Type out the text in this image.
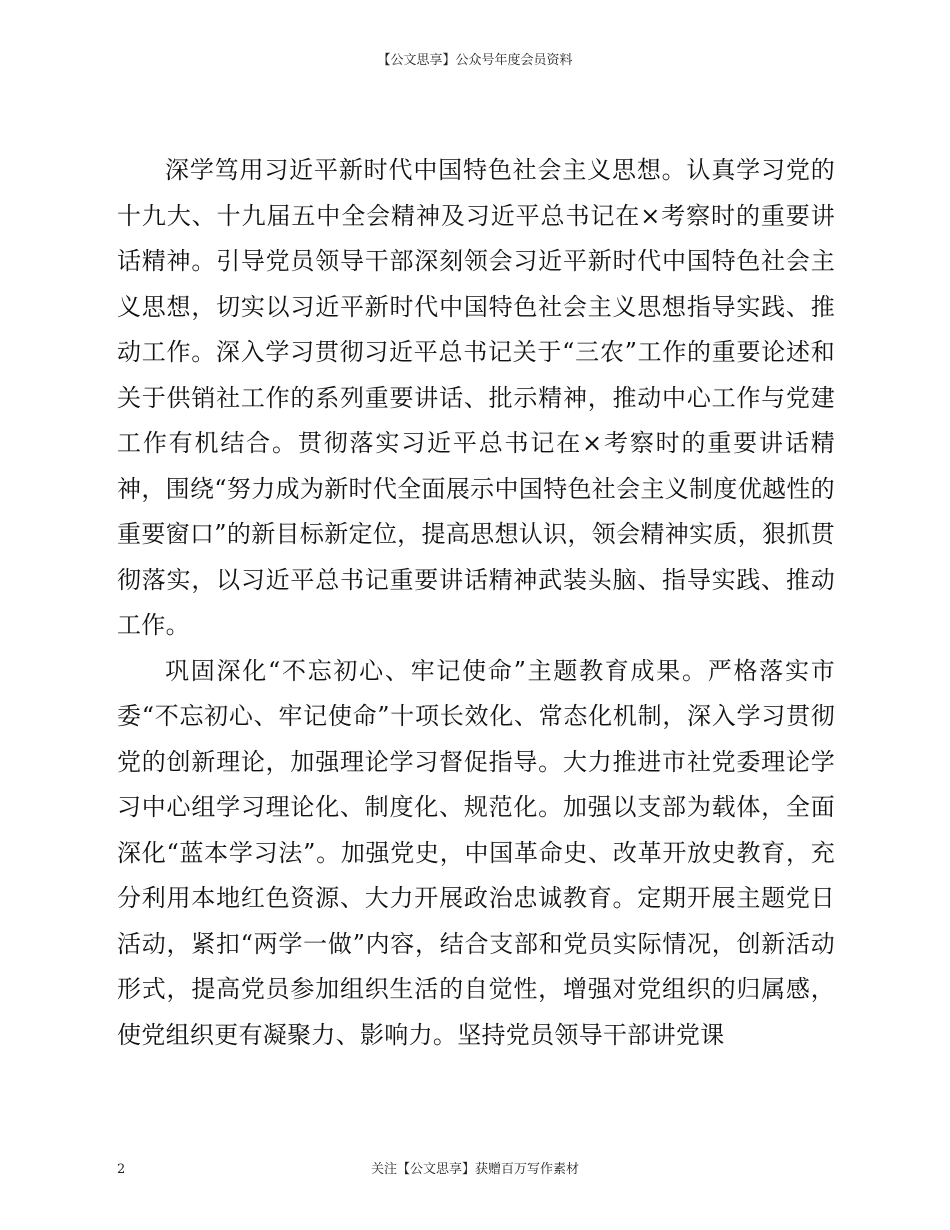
【公文思享】公众号年度会员资料

深学笃用习近平新时代中国特色社会主义思想。认真学习党的十九大、十九届五中全会精神及习近平总书记在×考察时的重要讲话精神。引导党员领导干部深刻领会习近平新时代中国特色社会主义思想，切实以习近平新时代中国特色社会主义思想指导实践、推动工作。深入学习贯彻习近平总书记关于“三农”工作的重要论述和关于供销社工作的系列重要讲话、批示精神，推动中心工作与党建工作有机结合。贯彻落实习近平总书记在×考察时的重要讲话精神，围绕“努力成为新时代全面展示中国特色社会主义制度优越性的重要窗口”的新目标新定位，提高思想认识，领会精神实质，狠抓贯彻落实，以习近平总书记重要讲话精神武装头脑、指导实践、推动工作。

巩固深化“不忘初心、牢记使命”主题教育成果。严格落实市委“不忘初心、牢记使命”十项长效化、常态化机制，深入学习贯彻党的创新理论，加强理论学习督促指导。大力推进市社党委理论学习中心组学习理论化、制度化、规范化。加强以支部为载体，全面深化“蓝本学习法”。加强党史，中国革命史、改革开放史教育，充分利用本地红色资源、大力开展政治忠诚教育。定期开展主题党日活动，紧扣“两学一做”内容，结合支部和党员实际情况，创新活动形式，提高党员参加组织生活的自觉性，增强对党组织的归属感，使党组织更有凝聚力、影响力。坚持党员领导干部讲党课

2	关注【公文思享】获赠百万写作素材
